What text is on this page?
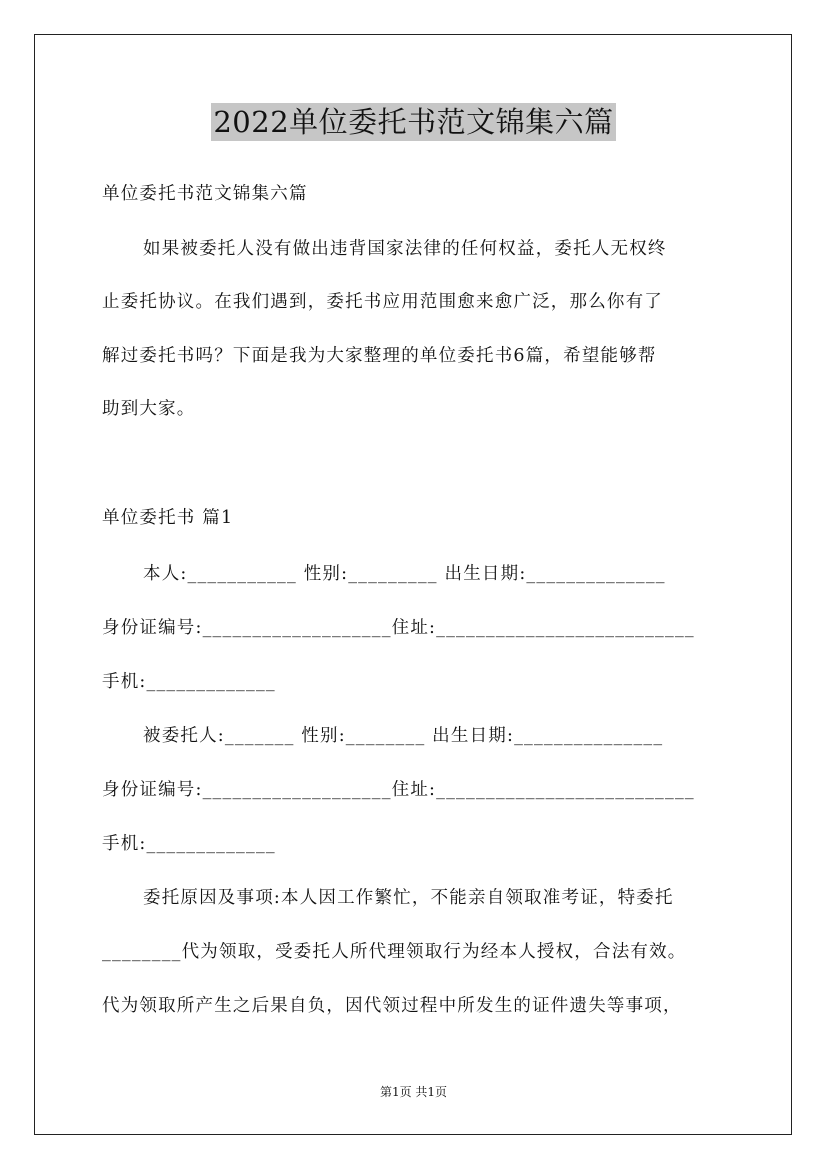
2022单位委托书范文锦集六篇
单位委托书范文锦集六篇
如果被委托人没有做出违背国家法律的任何权益，委托人无权终
止委托协议。在我们遇到，委托书应用范围愈来愈广泛，那么你有了
解过委托书吗？下面是我为大家整理的单位委托书6篇，希望能够帮
助到大家。
单位委托书 篇1
本人:___________ 性别:_________ 出生日期:______________
身份证编号:___________________住址:__________________________
手机:_____________
被委托人:_______ 性别:________ 出生日期:_______________
身份证编号:___________________住址:__________________________
手机:_____________
委托原因及事项:本人因工作繁忙，不能亲自领取准考证，特委托
________代为领取，受委托人所代理领取行为经本人授权，合法有效。
代为领取所产生之后果自负，因代领过程中所发生的证件遗失等事项，
第1页 共1页
